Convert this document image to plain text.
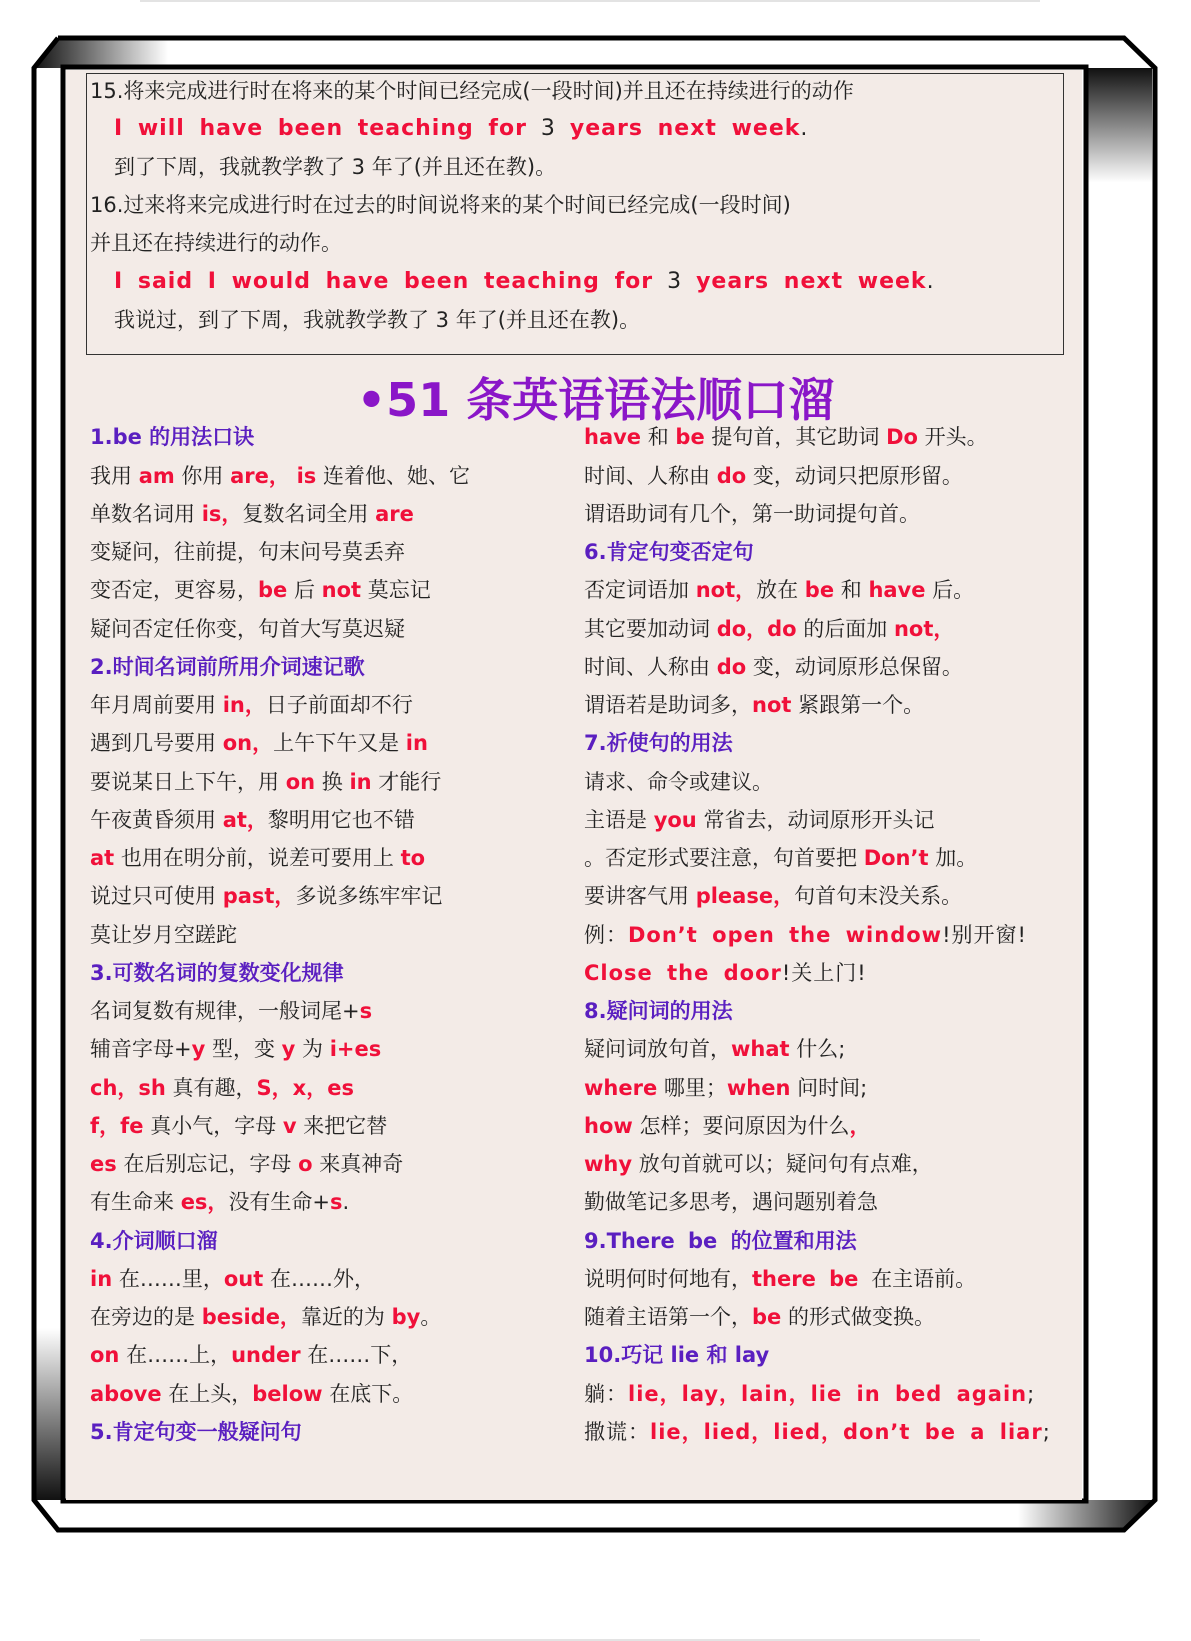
15.将来完成进行时在将来的某个时间已经完成(一段时间)并且还在持续进行的动作
I will have been teaching for 3 years next week.
到了下周，我就教学教了 3 年了(并且还在教)。
16.过来将来完成进行时在过去的时间说将来的某个时间已经完成(一段时间)
并且还在持续进行的动作。
I said I would have been teaching for 3 years next week.
我说过，到了下周，我就教学教了 3 年了(并且还在教)。
•51 条英语语法顺口溜
1.be 的用法口诀
我用 am 你用 are， is 连着他、她、它
单数名词用 is，复数名词全用 are
变疑问，往前提，句末问号莫丢弃
变否定，更容易，be 后 not 莫忘记
疑问否定任你变，句首大写莫迟疑
2.时间名词前所用介词速记歌
年月周前要用 in，日子前面却不行
遇到几号要用 on，上午下午又是 in
要说某日上下午，用 on 换 in 才能行
午夜黄昏须用 at，黎明用它也不错
at 也用在明分前，说差可要用上 to
说过只可使用 past，多说多练牢牢记
莫让岁月空蹉跎
3.可数名词的复数变化规律
名词复数有规律，一般词尾+s
辅音字母+y 型，变 y 为 i+es
ch，sh 真有趣，S，x，es
f，fe 真小气，字母 v 来把它替
es 在后别忘记，字母 o 来真神奇
有生命来 es，没有生命+s.
4.介词顺口溜
in 在……里，out 在……外，
在旁边的是 beside，靠近的为 by。
on 在……上，under 在……下，
above 在上头，below 在底下。
5.肯定句变一般疑问句
have 和 be 提句首，其它助词 Do 开头。
时间、人称由 do 变，动词只把原形留。
谓语助词有几个，第一助词提句首。
6.肯定句变否定句
否定词语加 not，放在 be 和 have 后。
其它要加动词 do，do 的后面加 not，
时间、人称由 do 变，动词原形总保留。
谓语若是助词多，not 紧跟第一个。
7.祈使句的用法
请求、命令或建议。
主语是 you 常省去，动词原形开头记
。否定形式要注意，句首要把 Don’t 加。
要讲客气用 please，句首句末没关系。
例：Don’t open the window!别开窗!
Close the door!关上门!
8.疑问词的用法
疑问词放句首，what 什么;
where 哪里；when 问时间;
how 怎样；要问原因为什么，
why 放句首就可以；疑问句有点难，
勤做笔记多思考，遇问题别着急
9.There be 的位置和用法
说明何时何地有，there be 在主语前。
随着主语第一个，be 的形式做变换。
10.巧记 lie 和 lay
躺：lie，lay，lain，lie in bed again;
撒谎：lie，lied，lied，don’t be a liar;
